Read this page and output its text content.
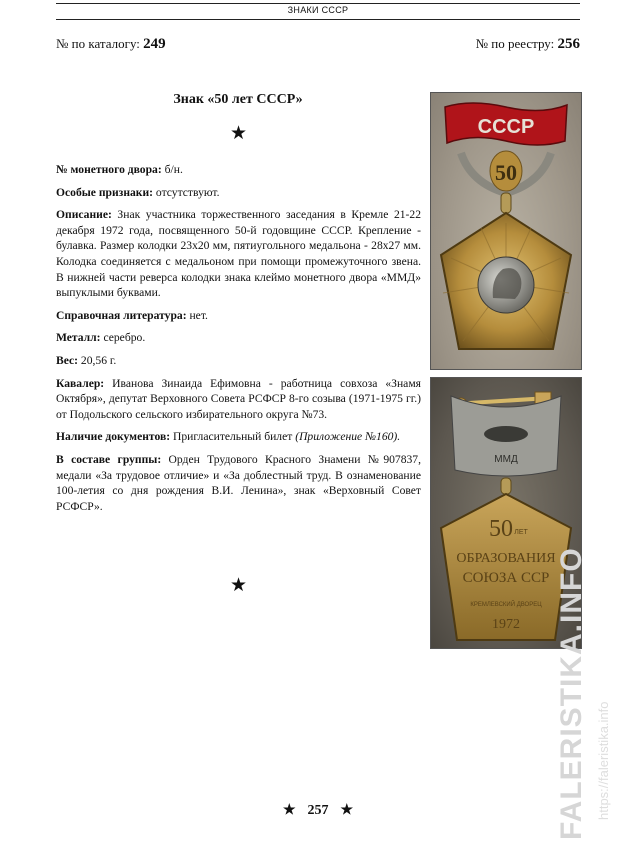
ЗНАКИ СССР
№ по каталогу: 249	№ по реестру: 256
Знак «50 лет СССР»
★

№ монетного двора: б/н.

Особые признаки: отсутствуют.

Описание: Знак участника торжественного заседания в Кремле 21-22 декабря 1972 года, посвященного 50-й годовщине СССР. Крепление - булавка. Размер колодки 23х20 мм, пятиугольного медальона - 28х27 мм. Колодка соединяется с медальоном при помощи промежуточного звена. В нижней части реверса колодки знака клеймо монетного двора «ММД» выпуклыми буквами.

Справочная литература: нет.

Металл: серебро.

Вес: 20,56 г.

Кавалер: Иванова Зинаида Ефимовна - работница совхоза «Знамя Октября», депутат Верховного Совета РСФСР 8-го созыва (1971-1975 гг.) от Подольского сельского избирательного округа №73.

Наличие документов: Пригласительный билет (Приложение №160).

В составе группы: Орден Трудового Красного Знамени №907837, медали «За трудовое отличие» и «За доблестный труд. В ознаменование 100-летия со дня рождения В.И. Ленина», знак «Верховный Совет РСФСР».

★
СССР
50
ММД
50 ЛЕТ
ОБРАЗОВАНИЯ
СОЮЗА ССР
КРЕМЛЕВСКИЙ ДВОРЕЦ
1972 FALERISTIKA.INFO https://faleristika.info
★ 257 ★
